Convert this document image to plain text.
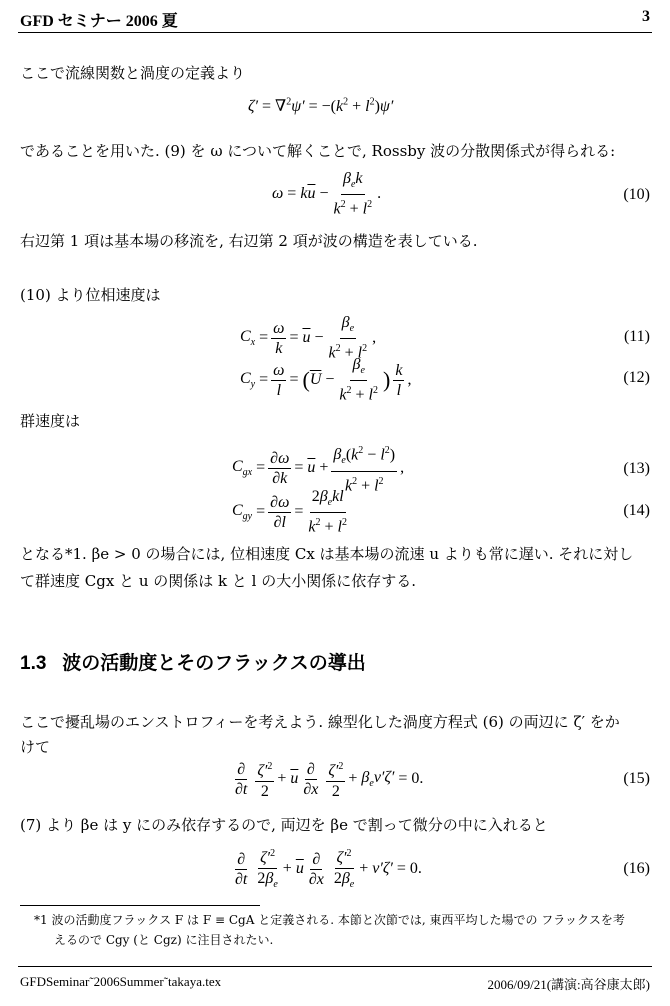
GFD セミナー 2006 夏	3
ここで流線関数と渦度の定義より
$\zeta' = \nabla^2\psi' = -(k^2 + l^2)\psi'$
であることを用いた. (9) を ω について解くことで, Rossby 波の分散関係式が得られる:
ω = k $\overline{u} - \frac{\beta_ek}{k^2 + l^2}$ .	(10)
右辺第 1 項は基本場の移流を, 右辺第 2 項が波の構造を表している.
(10) より位相速度は
$C_x = \frac{\omega}{k} = \overline{u} - \frac{\beta_e}{k^2 + l^2}$ ,	(11)
$C_y = \frac{\omega}{l}$ = ( $\overline{U} - \frac{\beta_e}{k^2 + l^2}$ ) $\frac{k}{l}$ ,	(12)
群速度は
$C_{gx} = \frac{\partial\omega}{\partial k} = \overline{u} + \frac{\beta_e(k^2 - l^2)}{k^2 + l^2}$ ,	(13)
$C_{gy} = \frac{\partial\omega}{\partial l} = \frac{2\beta_ekl}{k^2 + l^2}$	(14)
となる*1. βe > 0 の場合には, 位相速度 Cx は基本場の流速 u よりも常に遅い. それに対し
て群速度 Cgx と u の関係は k と l の大小関係に依存する.
1.3 波の活動度とそのフラックスの導出
ここで擾乱場のエンストロフィーを考えよう. 線型化した渦度方程式 (6) の両辺に ζ′ をか
けて
$\frac{\partial}{\partial t} \frac{\zeta'^2}{2} + \overline{u} \frac{\partial}{\partial x} \frac{\zeta'^2}{2} + \beta_ev'\zeta' = 0$.	(15)
(7) より βe は y にのみ依存するので, 両辺を βe で割って微分の中に入れると
$\frac{\partial}{\partial t} \frac{\zeta'^2}{2\beta_e} + \overline{u} \frac{\partial}{\partial x} \frac{\zeta'^2}{2\beta_e} + v'\zeta' = 0$.	(16)
*1 波の活動度フラックス F は F ≡ CgA と定義される. 本節と次節では, 東西平均した場での フラックスを考
えるので Cgy (と Cgz) に注目されたい.
GFDSeminar˜2006Summer˜takaya.tex	2006/09/21(講演:高谷康太郎)
